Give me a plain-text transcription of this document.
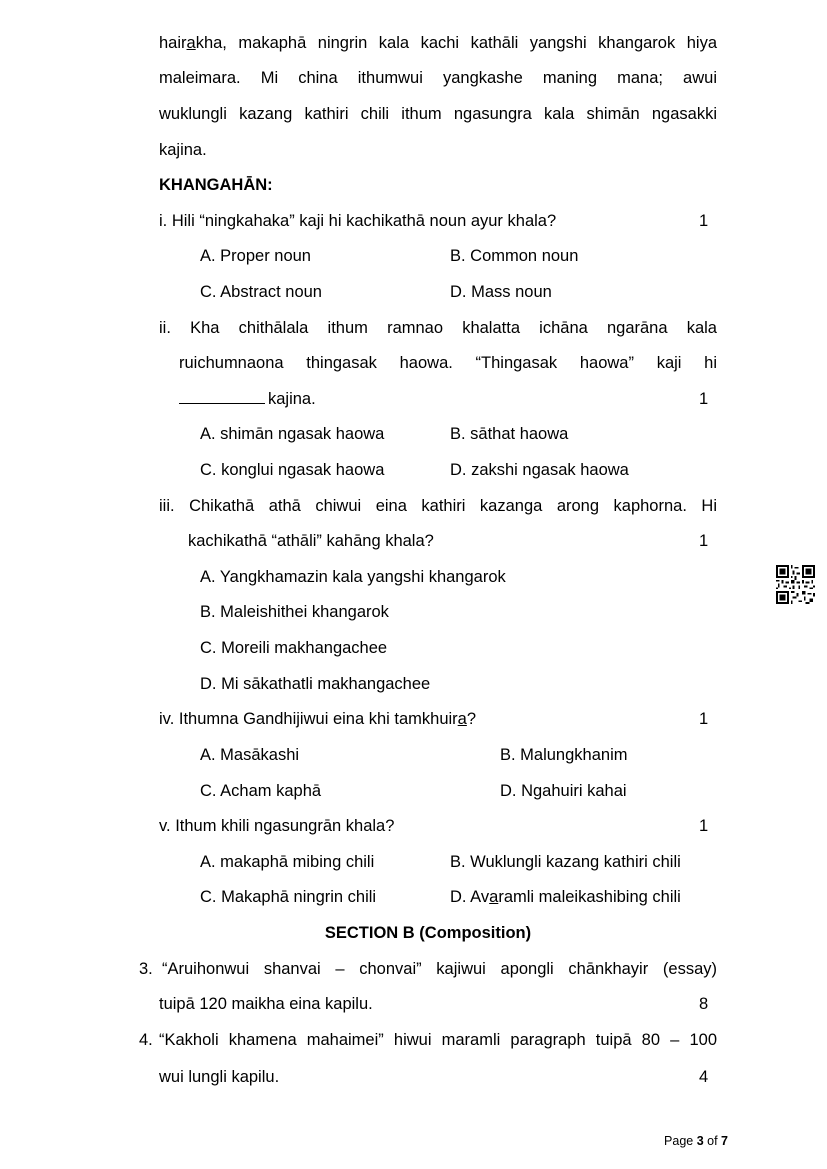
hairakha, makaphā ningrin kala kachi kathāli yangshi khangarok hiya
maleimara. Mi china ithumwui yangkashe maning mana; awui
wuklungli kazang kathiri chili ithum ngasungra kala shimān ngasakki
kajina.
KHANGAHĀN:
i. Hili “ningkahaka” kaji hi kachikathā noun ayur khala?	1
A. Proper noun	B. Common noun
C. Abstract noun	D. Mass noun
ii. Kha chithālala ithum ramnao khalatta ichāna ngarāna kala
ruichumnaona thingasak haowa. “Thingasak haowa” kaji hi
kajina.	1
A. shimān ngasak haowa	B. sāthat haowa
C. konglui ngasak haowa	D. zakshi ngasak haowa
iii. Chikathā athā chiwui eina kathiri kazanga arong kaphorna. Hi
kachikathā “athāli” kahāng khala?	1
A. Yangkhamazin kala yangshi khangarok
B. Maleishithei khangarok
C. Moreili makhangachee
D. Mi sākathatli makhangachee
iv. Ithumna Gandhijiwui eina khi tamkhuira?	1
A. Masākashi	B. Malungkhanim
C. Acham kaphā	D. Ngahuiri kahai
v. Ithum khili ngasungrān khala?	1
A. makaphā mibing chili	B. Wuklungli kazang kathiri chili
C. Makaphā ningrin chili	D. Avaramli maleikashibing chili
SECTION B (Composition)
3. “Aruihonwui shanvai – chonvai” kajiwui apongli chānkhayir (essay)
tuipā 120 maikha eina kapilu.	8
4. “Kakholi khamena mahaimei” hiwui maramli paragraph tuipā 80 – 100
wui lungli kapilu.	4
Page 3 of 7
